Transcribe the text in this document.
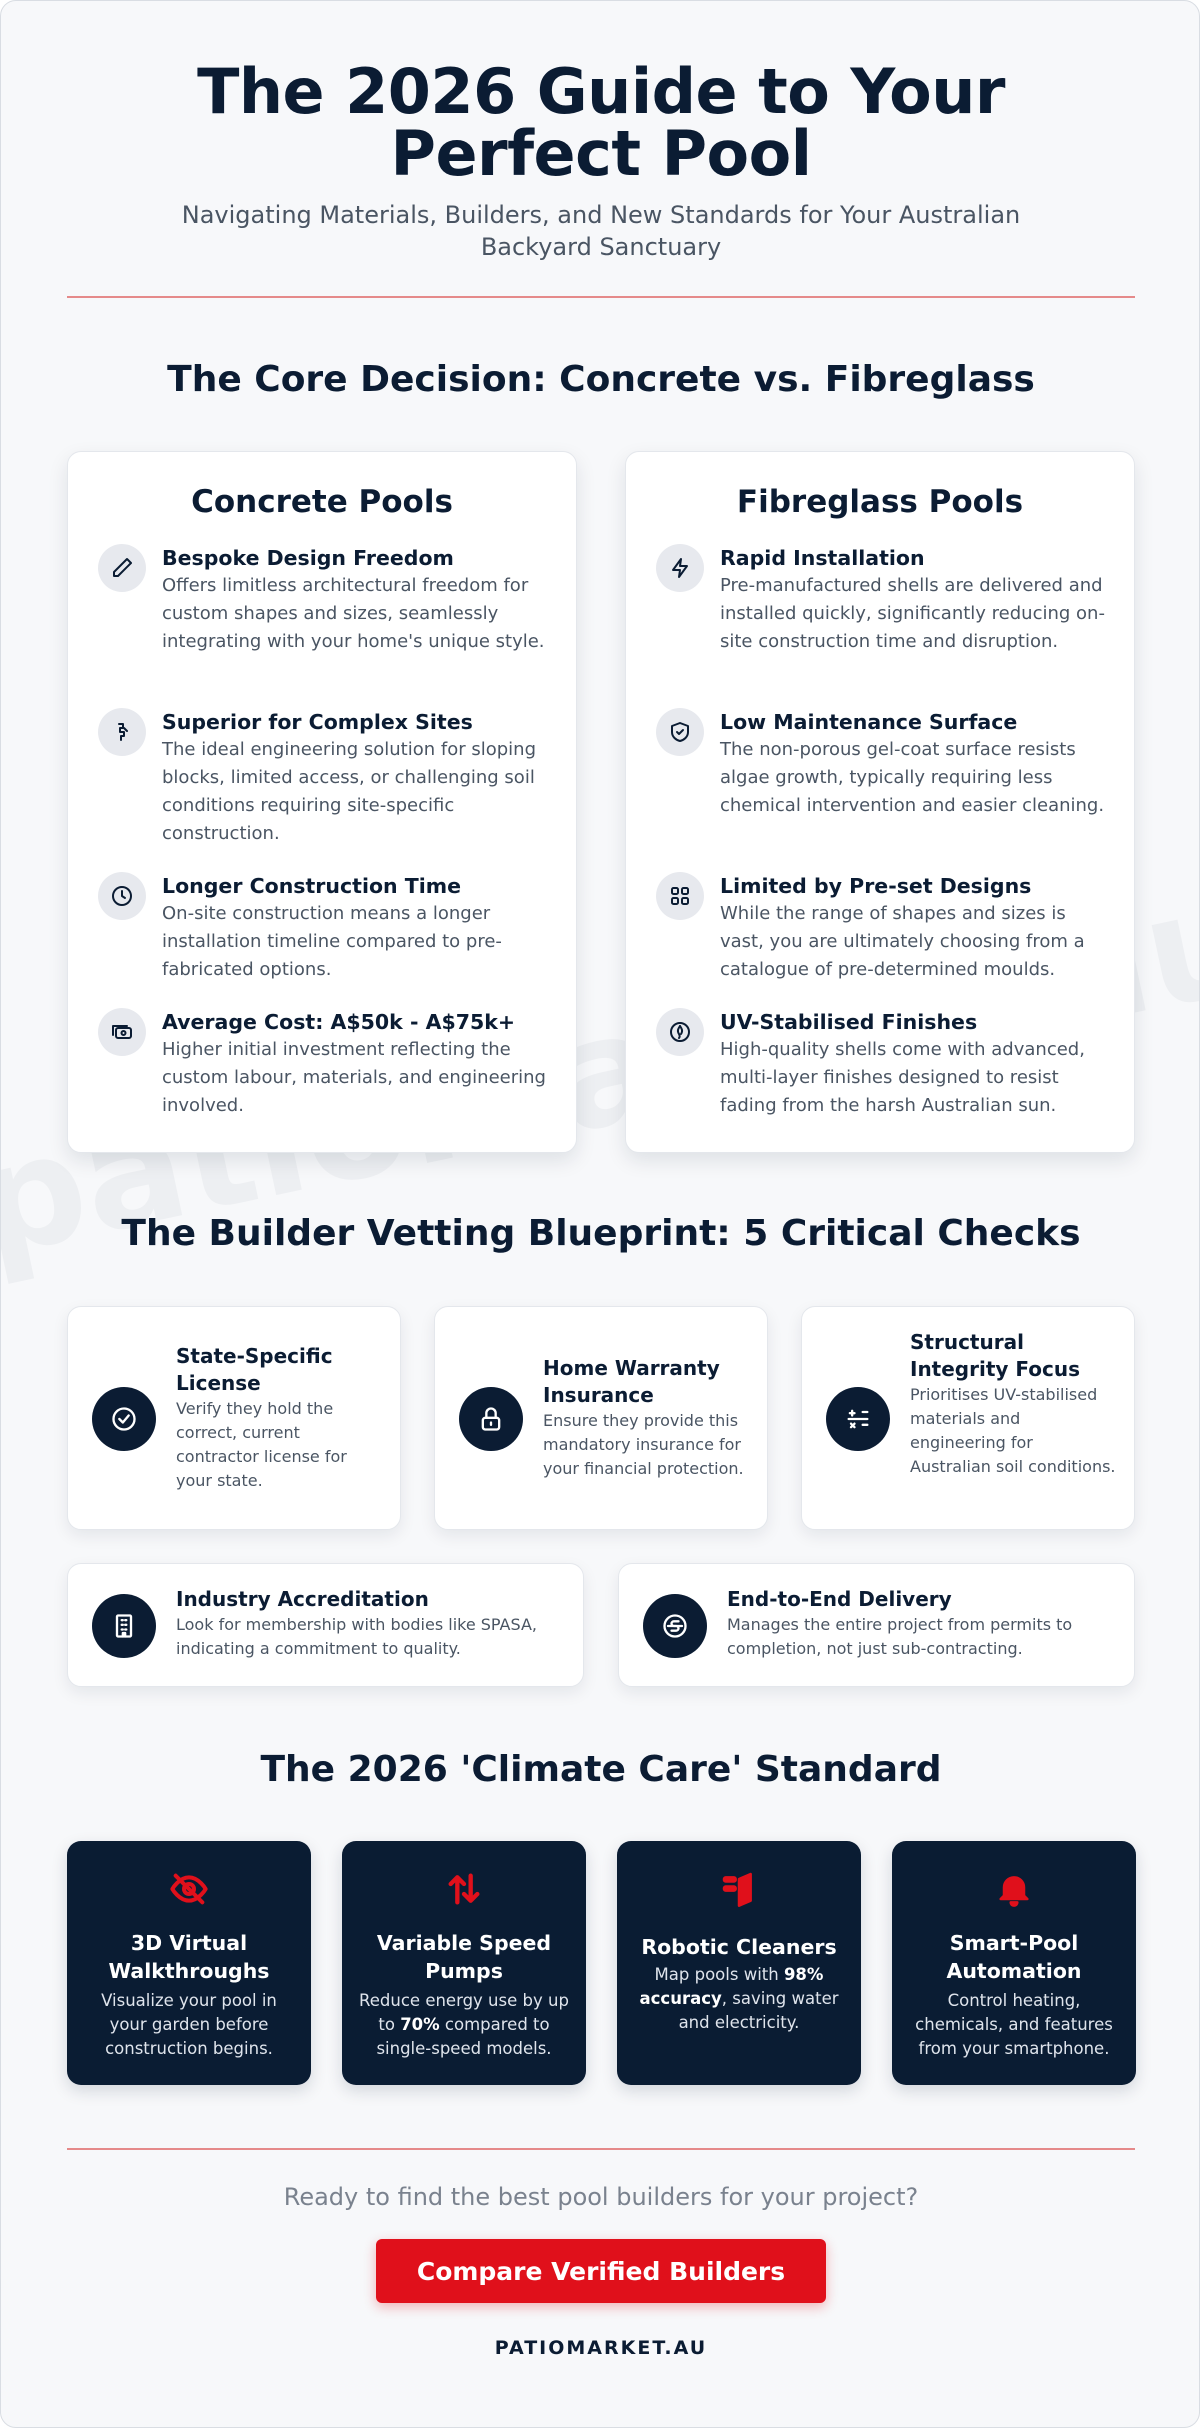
The 2026 Guide to Your Perfect Pool

Navigating Materials, Builders, and New Standards for Your Australian Backyard Sanctuary

The Core Decision: Concrete vs. Fibreglass
Concrete Pools
Bespoke Design Freedom
Offers limitless architectural freedom for custom shapes and sizes, seamlessly integrating with your home's unique style.
Superior for Complex Sites
The ideal engineering solution for sloping blocks, limited access, or challenging soil conditions requiring site-specific construction.
Longer Construction Time
On-site construction means a longer installation timeline compared to pre-fabricated options.
Average Cost: A$50k - A$75k+
Higher initial investment reflecting the custom labour, materials, and engineering involved.
Fibreglass Pools
Rapid Installation
Pre-manufactured shells are delivered and installed quickly, significantly reducing on-site construction time and disruption.
Low Maintenance Surface
The non-porous gel-coat surface resists algae growth, typically requiring less chemical intervention and easier cleaning.
Limited by Pre-set Designs
While the range of shapes and sizes is vast, you are ultimately choosing from a catalogue of pre-determined moulds.
UV-Stabilised Finishes
High-quality shells come with advanced, multi-layer finishes designed to resist fading from the harsh Australian sun.
The Builder Vetting Blueprint: 5 Critical Checks
State-Specific License
Verify they hold the correct, current contractor license for your state.
Home Warranty Insurance
Ensure they provide this mandatory insurance for your financial protection.
Structural Integrity Focus
Prioritises UV-stabilised materials and engineering for Australian soil conditions.
Industry Accreditation
Look for membership with bodies like SPASA, indicating a commitment to quality.
End-to-End Delivery
Manages the entire project from permits to completion, not just sub-contracting.
The 2026 'Climate Care' Standard
3D Virtual Walkthroughs
Visualize your pool in your garden before construction begins.
Variable Speed Pumps
Reduce energy use by up to 70% compared to single-speed models.
Robotic Cleaners
Map pools with 98% accuracy, saving water and electricity.
Smart-Pool Automation
Control heating, chemicals, and features from your smartphone.
Ready to find the best pool builders for your project?
Compare Verified Builders
PATIOMARKET.AU
